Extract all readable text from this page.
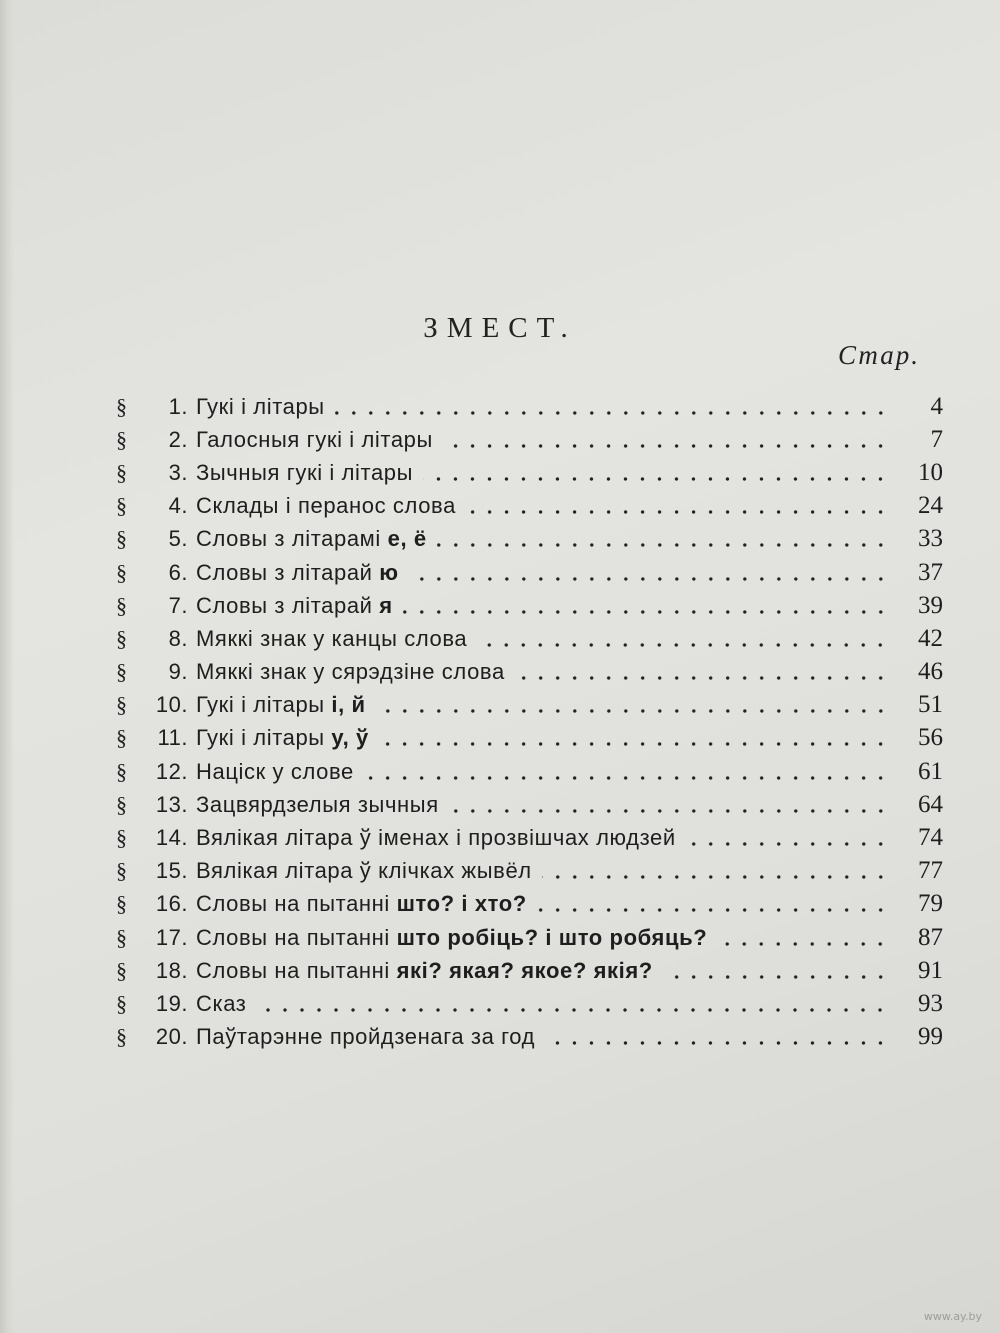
ЗМЕСТ.
Стар.
§	1. Гукі і літары	4
§	2. Галосныя гукі і літары	7
§	3. Зычныя гукі і літары	10
§	4. Склады і перанос слова	24
§	5. Словы з літарамі е, ё	33
§	6. Словы з літарай ю	37
§	7. Словы з літарай я	39
§	8. Мяккі знак у канцы слова	42
§	9. Мяккі знак у сярэдзіне слова	46
§	10. Гукі і літары і, й	51
§	11. Гукі і літары у, ў	56
§	12. Націск у слове	61
§	13. Зацвярдзелыя зычныя	64
§	14. Вялікая літара ў іменах і прозвішчах людзей	74
§	15. Вялікая літара ў клічках жывёл	77
§	16. Словы на пытанні што? і хто?	79
§	17. Словы на пытанні што робіць? і што робяць?	87
§	18. Словы на пытанні які? якая? якое? якія?	91
§	19. Сказ	93
§	20. Паўтарэнне пройдзенага за год	99
www.ay.by
